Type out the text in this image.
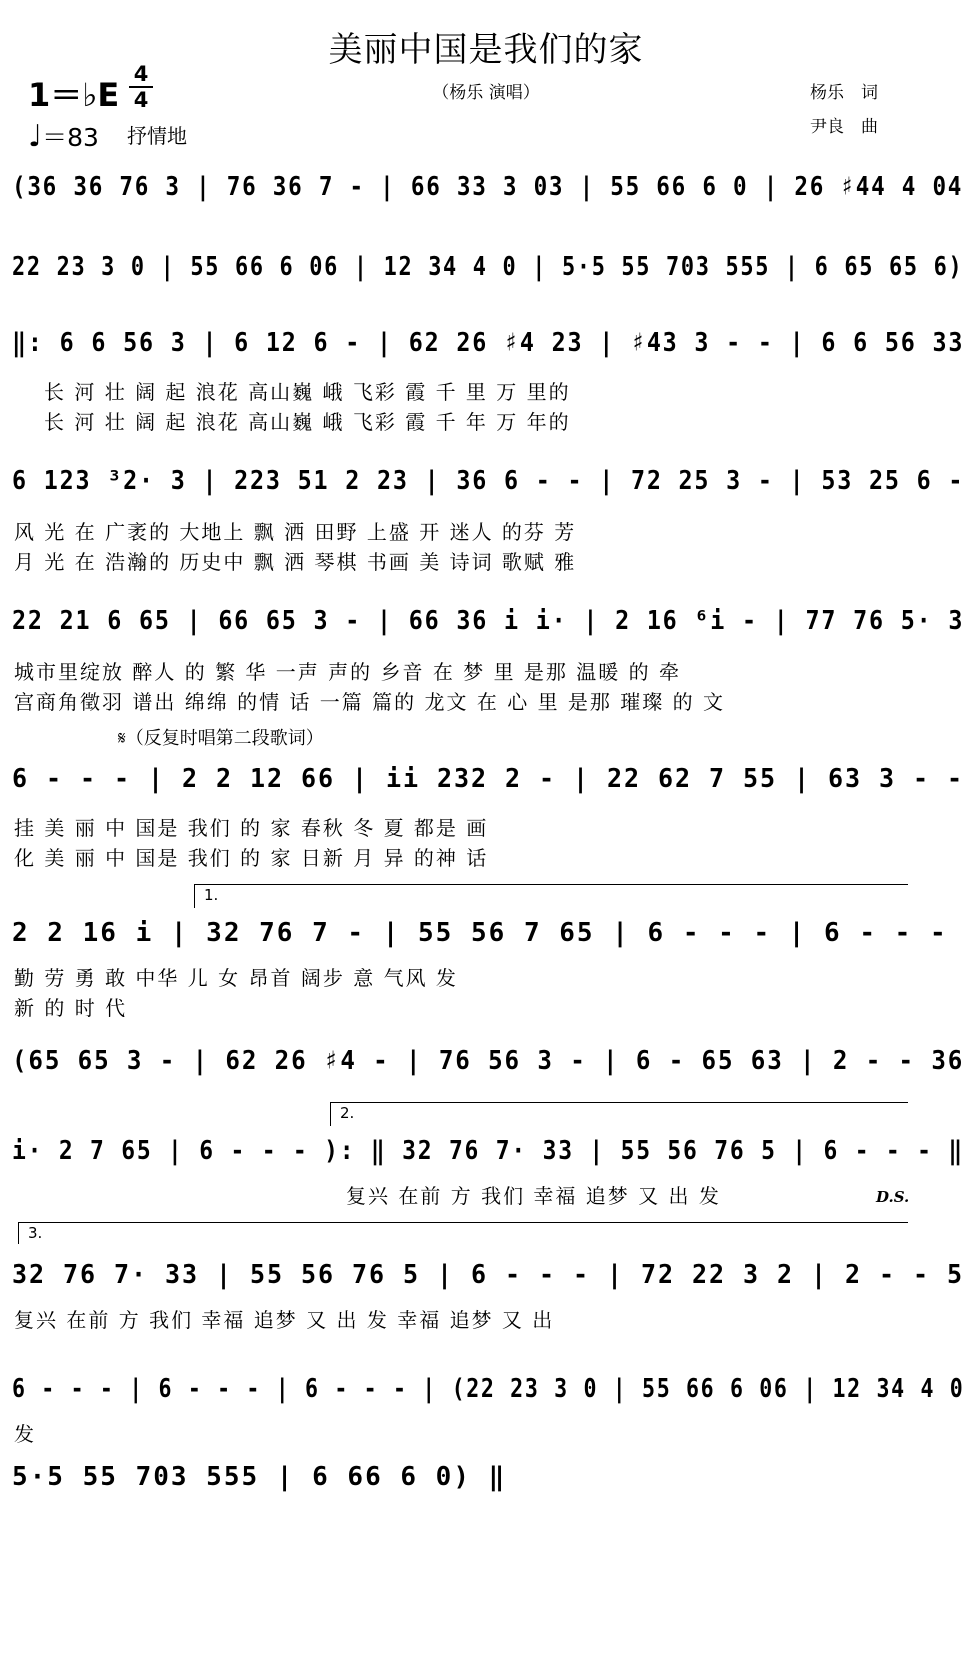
美丽中国是我们的家
（杨乐 演唱）	杨乐　词
尹良　曲
1＝♭E
4
4
♩＝83 抒情地
(36 36 76 3 | 76 36 7 - | 66 33 3 03 | 55 66 6 0 | 26 ♯44 4 04
22 23 3 0 | 55 66 6 06 | 12 34 4 0 | 5·5 55 703 555 | 6 65 65 6)
‖: 6 6 56 3 | 6 12 6 - | 62 26 ♯4 23 | ♯43 3 - - | 6 6 56 33
长 河 壮 阔 起 浪花 高山巍 峨 飞彩 霞 千 里 万 里的
长 河 壮 阔 起 浪花 高山巍 峨 飞彩 霞 千 年 万 年的
6 123 ³2· 3 | 223 51 2 23 | 36 6 - - | 72 25 3 - | 53 25 6 -
风 光 在 广袤的 大地上 飘 洒 田野 上盛 开 迷人 的芬 芳
月 光 在 浩瀚的 历史中 飘 洒 琴棋 书画 美 诗词 歌赋 雅
22 21 6 65 | 66 65 3 - | 66 36 i i· | 2 16 ⁶i - | 77 76 5· 3
城市里绽放 醉人 的 繁 华 一声 声的 乡音 在 梦 里 是那 温暖 的 牵
宫商角徵羽 谱出 绵绵 的情 话 一篇 篇的 龙文 在 心 里 是那 璀璨 的 文
𝄋（反复时唱第二段歌词）
6 - - - | 2 2 12 66 | ii 232 2 - | 22 62 7 55 | 63 3 - -
挂 美 丽 中 国是 我们 的 家 春秋 冬 夏 都是 画
化 美 丽 中 国是 我们 的 家 日新 月 异 的神 话
1.
2 2 16 i | 32 76 7 - | 55 56 7 65 | 6 - - - | 6 - - -
勤 劳 勇 敢 中华 儿 女 昂首 阔步 意 气风 发
新 的 时 代
(65 65 3 - | 62 26 ♯4 - | 76 56 3 - | 6 - 65 63 | 2 - - 36
2.
i· 2 7 65 | 6 - - - ): ‖ 32 76 7· 33 | 55 56 76 5 | 6 - - - ‖
复兴 在前 方 我们 幸福 追梦 又 出 发	D.S.
3.
32 76 7· 33 | 55 56 76 5 | 6 - - - | 72 22 3 2 | 2 - - 5
复兴 在前 方 我们 幸福 追梦 又 出 发 幸福 追梦 又 出
6 - - - | 6 - - - | 6 - - - | (22 23 3 0 | 55 66 6 06 | 12 34 4 0
发
5·5 55 703 555 | 6 66 6 0) ‖
